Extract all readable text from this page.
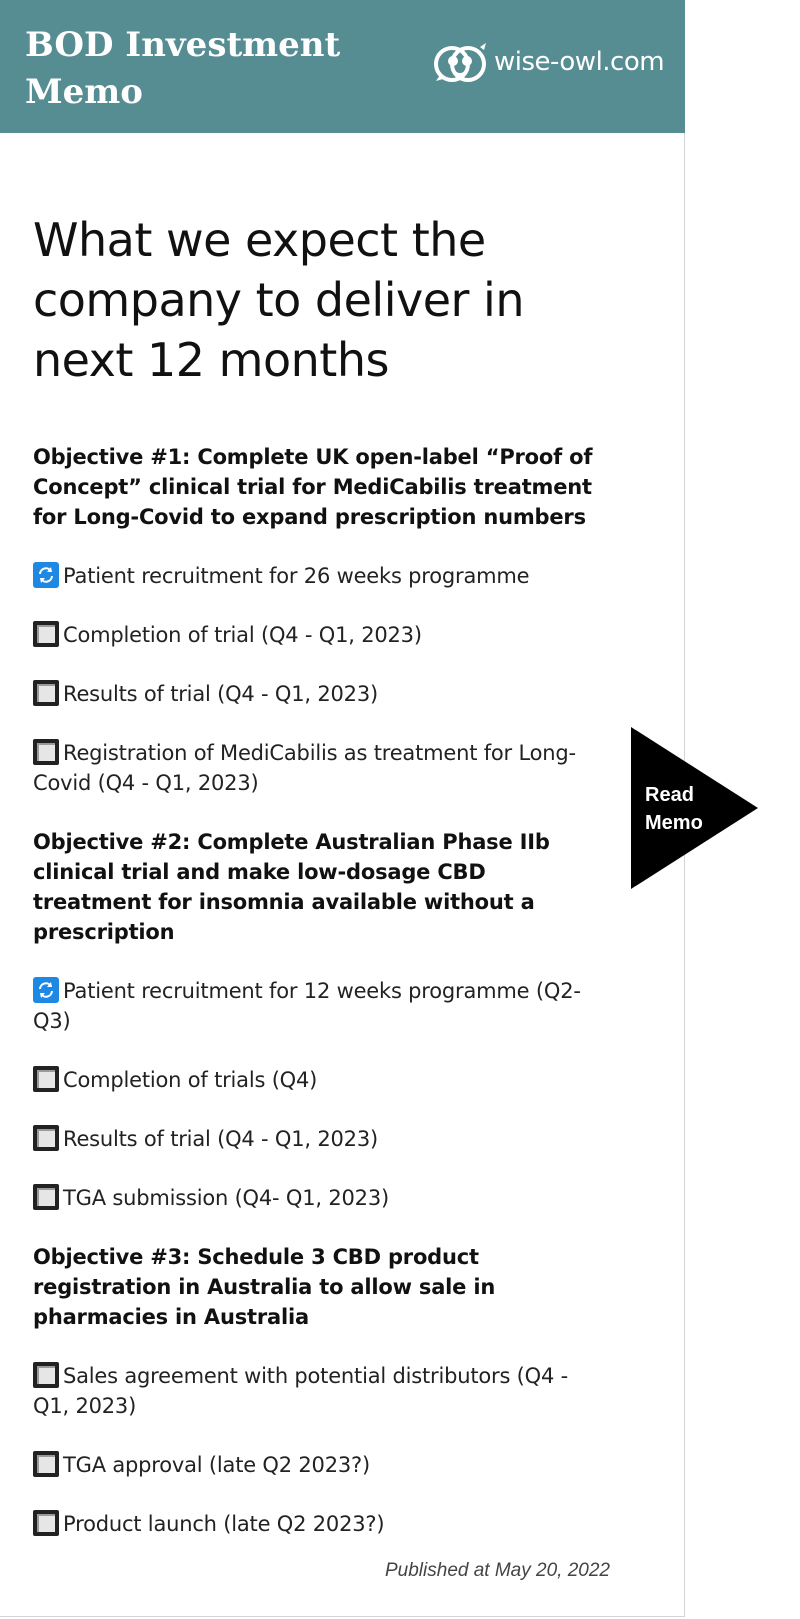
BOD Investment Memo
wise-owl.com
What we expect the company to deliver in next 12 months

Objective #1: Complete UK open-label “Proof of Concept” clinical trial for MediCabilis treatment for Long-Covid to expand prescription numbers

Patient recruitment for 26 weeks programme

Completion of trial (Q4 - Q1, 2023)

Results of trial (Q4 - Q1, 2023)

Registration of MediCabilis as treatment for Long-Covid (Q4 - Q1, 2023)

Objective #2: Complete Australian Phase IIb clinical trial and make low-dosage CBD treatment for insomnia available without a prescription

Patient recruitment for 12 weeks programme (Q2-Q3)

Completion of trials (Q4)

Results of trial (Q4 - Q1, 2023)

TGA submission (Q4- Q1, 2023)

Objective #3: Schedule 3 CBD product registration in Australia to allow sale in pharmacies in Australia

Sales agreement with potential distributors (Q4 - Q1, 2023)

TGA approval (late Q2 2023?)

Product launch (late Q2 2023?)

Published at May 20, 2022
Read Memo
